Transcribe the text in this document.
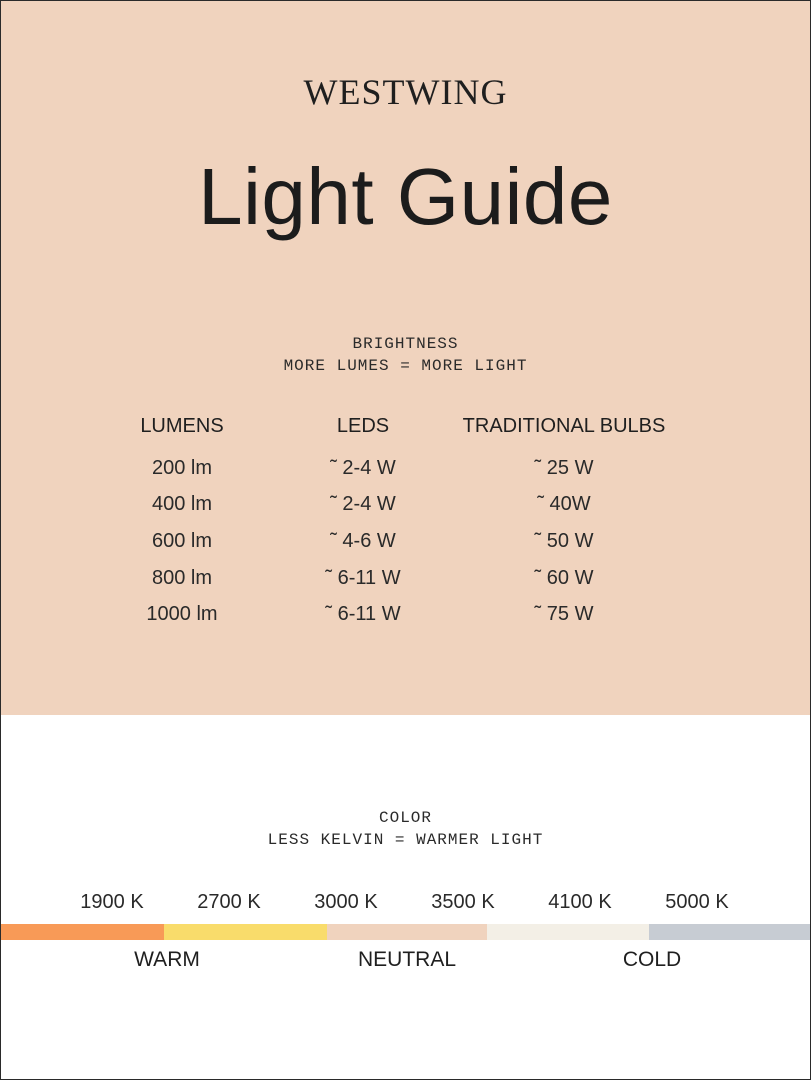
WESTWING
Light Guide
BRIGHTNESS
MORE LUMES = MORE LIGHT
LUMENS	LEDS	TRADITIONAL BULBS
200 lm	˜ 2-4 W	˜ 25 W
400 lm	˜ 2-4 W	˜ 40W
600 lm	˜ 4-6 W	˜ 50 W
800 lm	˜ 6-11 W	˜ 60 W
1000 lm	˜ 6-11 W	˜ 75 W
COLOR
LESS KELVIN = WARMER LIGHT
1900 K	2700 K	3000 K	3500 K	4100 K	5000 K
WARM	NEUTRAL	COLD
